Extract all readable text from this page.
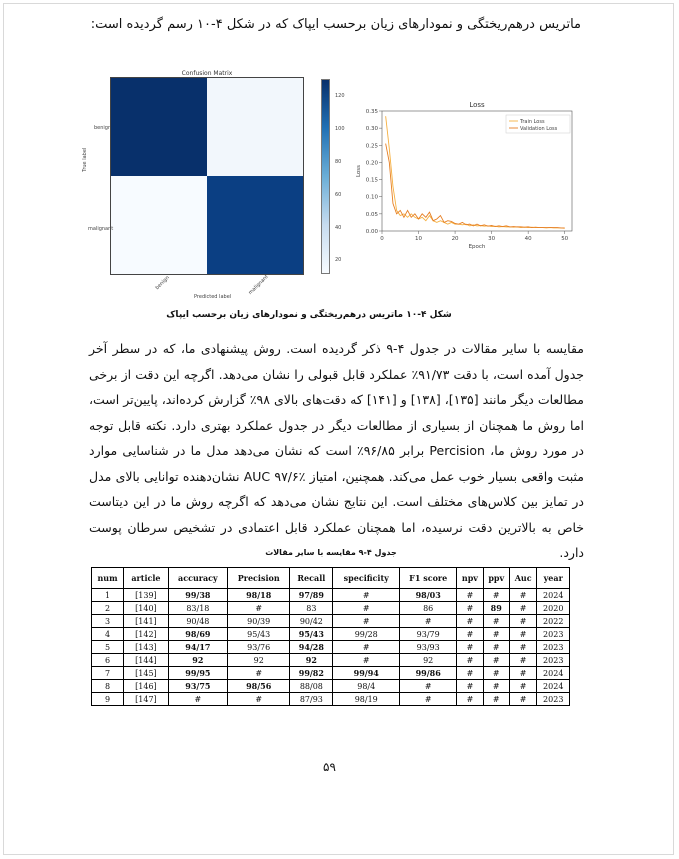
ماتریس درهم‌ریختگی و نمودارهای زیان برحسب ایپاک که در شکل ۴-۱۰ رسم گردیده است:
Confusion Matrix
True label
benign
malignant
benign	malignant
Predicted label
120
100
80
60
40
20
0	10	20	30	40	50
0.00
0.05
0.10
0.15
0.20
0.25
0.30
0.35
Loss
Epoch
Loss
Train Loss
Validation Loss
شکل ۴-۱۰ ماتریس درهم‌ریختگی و نمودارهای زیان برحسب ایپاک

مقایسه با سایر مقالات در جدول ۴-۹ ذکر گردیده است. روش پیشنهادی ما، که در سطر آخر جدول آمده است، با دقت ۹۱/۷۳٪ عملکرد قابل قبولی را نشان می‌دهد. اگرچه این دقت از برخی مطالعات دیگر مانند [۱۳۵]، [۱۳۸] و [۱۴۱] که دقت‌های بالای ۹۸٪ گزارش کرده‌اند، پایین‌تر است، اما روش ما همچنان از بسیاری از مطالعات دیگر در جدول عملکرد بهتری دارد. نکته قابل توجه در مورد روش ما، Percision برابر ۹۶/۸۵٪ است که نشان می‌دهد مدل ما در شناسایی موارد مثبت واقعی بسیار خوب عمل می‌کند. همچنین، امتیاز AUC ۹۷/۶٪ نشان‌دهنده توانایی بالای مدل در تمایز بین کلاس‌های مختلف است. این نتایج نشان می‌دهد که اگرچه روش ما در این دیتاست خاص به بالاترین دقت نرسیده، اما همچنان عملکرد قابل اعتمادی در تشخیص سرطان پوست دارد.

جدول ۴-۹ مقایسه با سایر مقالات
num	article	accuracy	Precision	Recall	specificity	F1 score	npv	ppv	Auc	year
1	[139]	99/38	98/18	97/89	#	98/03	#	#	#	2024
2	[140]	83/18	#	83	#	86	#	89	#	2020
3	[141]	90/48	90/39	90/42	#	#	#	#	#	2022
4	[142]	98/69	95/43	95/43	99/28	93/79	#	#	#	2023
5	[143]	94/17	93/76	94/28	#	93/93	#	#	#	2023
6	[144]	92	92	92	#	92	#	#	#	2023
7	[145]	99/95	#	99/82	99/94	99/86	#	#	#	2024
8	[146]	93/75	98/56	88/08	98/4	#	#	#	#	2024
9	[147]	#	#	87/93	98/19	#	#	#	#	2023
۵۹
